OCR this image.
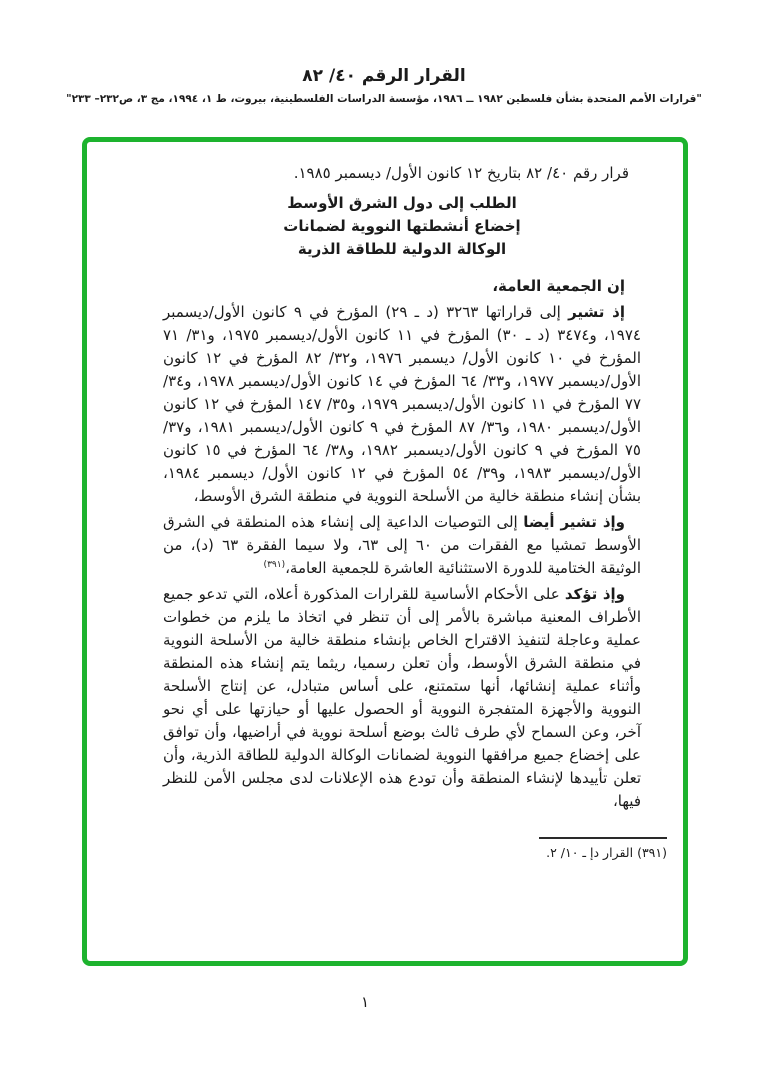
القرار الرقم ٤٠/ ٨٢
"قرارات الأمم المتحدة بشأن فلسطين ١٩٨٢ ــ ١٩٨٦، مؤسسة الدراسات الفلسطينية، بيروت، ط ١، ١٩٩٤، مج ٣، ص٢٣٢– ٢٣٣"

قرار رقم ٤٠/ ٨٢ بتاريخ ١٢ كانون الأول/ ديسمبر ١٩٨٥.

الطلب إلى دول الشرق الأوسط
إخضاع أنشطتها النووية لضمانات
الوكالة الدولية للطاقة الذرية

إن الجمعية العامة،

إذ تشير إلى قراراتها ٣٢٦٣ (د ـ ٢٩) المؤرخ في ٩ كانون الأول/ديسمبر ١٩٧٤، و٣٤٧٤ (د ـ ٣٠) المؤرخ في ١١ كانون الأول/ديسمبر ١٩٧٥، و٣١/ ٧١ المؤرخ في ١٠ كانون الأول/ ديسمبر ١٩٧٦، و٣٢/ ٨٢ المؤرخ في ١٢ كانون الأول/ديسمبر ١٩٧٧، و٣٣/ ٦٤ المؤرخ في ١٤ كانون الأول/ديسمبر ١٩٧٨، و٣٤/ ٧٧ المؤرخ في ١١ كانون الأول/ديسمبر ١٩٧٩، و٣٥/ ١٤٧ المؤرخ في ١٢ كانون الأول/ديسمبر ١٩٨٠، و٣٦/ ٨٧ المؤرخ في ٩ كانون الأول/ديسمبر ١٩٨١، و٣٧/ ٧٥ المؤرخ في ٩ كانون الأول/ديسمبر ١٩٨٢، و٣٨/ ٦٤ المؤرخ في ١٥ كانون الأول/ديسمبر ١٩٨٣، و٣٩/ ٥٤ المؤرخ في ١٢ كانون الأول/ ديسمبر ١٩٨٤، بشأن إنشاء منطقة خالية من الأسلحة النووية في منطقة الشرق الأوسط،

وإذ تشير أيضا إلى التوصيات الداعية إلى إنشاء هذه المنطقة في الشرق الأوسط تمشيا مع الفقرات من ٦٠ إلى ٦٣، ولا سيما الفقرة ٦٣ (د)، من الوثيقة الختامية للدورة الاستثنائية العاشرة للجمعية العامة،$^{(٣٩١)}$

وإذ تؤكد على الأحكام الأساسية للقرارات المذكورة أعلاه، التي تدعو جميع الأطراف المعنية مباشرة بالأمر إلى أن تنظر في اتخاذ ما يلزم من خطوات عملية وعاجلة لتنفيذ الاقتراح الخاص بإنشاء منطقة خالية من الأسلحة النووية في منطقة الشرق الأوسط، وأن تعلن رسميا، ريثما يتم إنشاء هذه المنطقة وأثناء عملية إنشائها، أنها ستمتنع، على أساس متبادل، عن إنتاج الأسلحة النووية والأجهزة المتفجرة النووية أو الحصول عليها أو حيازتها على أي نحو آخر، وعن السماح لأي طرف ثالث بوضع أسلحة نووية في أراضيها، وأن توافق على إخضاع جميع مرافقها النووية لضمانات الوكالة الدولية للطاقة الذرية، وأن تعلن تأييدها لإنشاء المنطقة وأن تودع هذه الإعلانات لدى مجلس الأمن للنظر فيها،

(٣٩١) القرار دإ ـ ١٠/ ٢.
١
